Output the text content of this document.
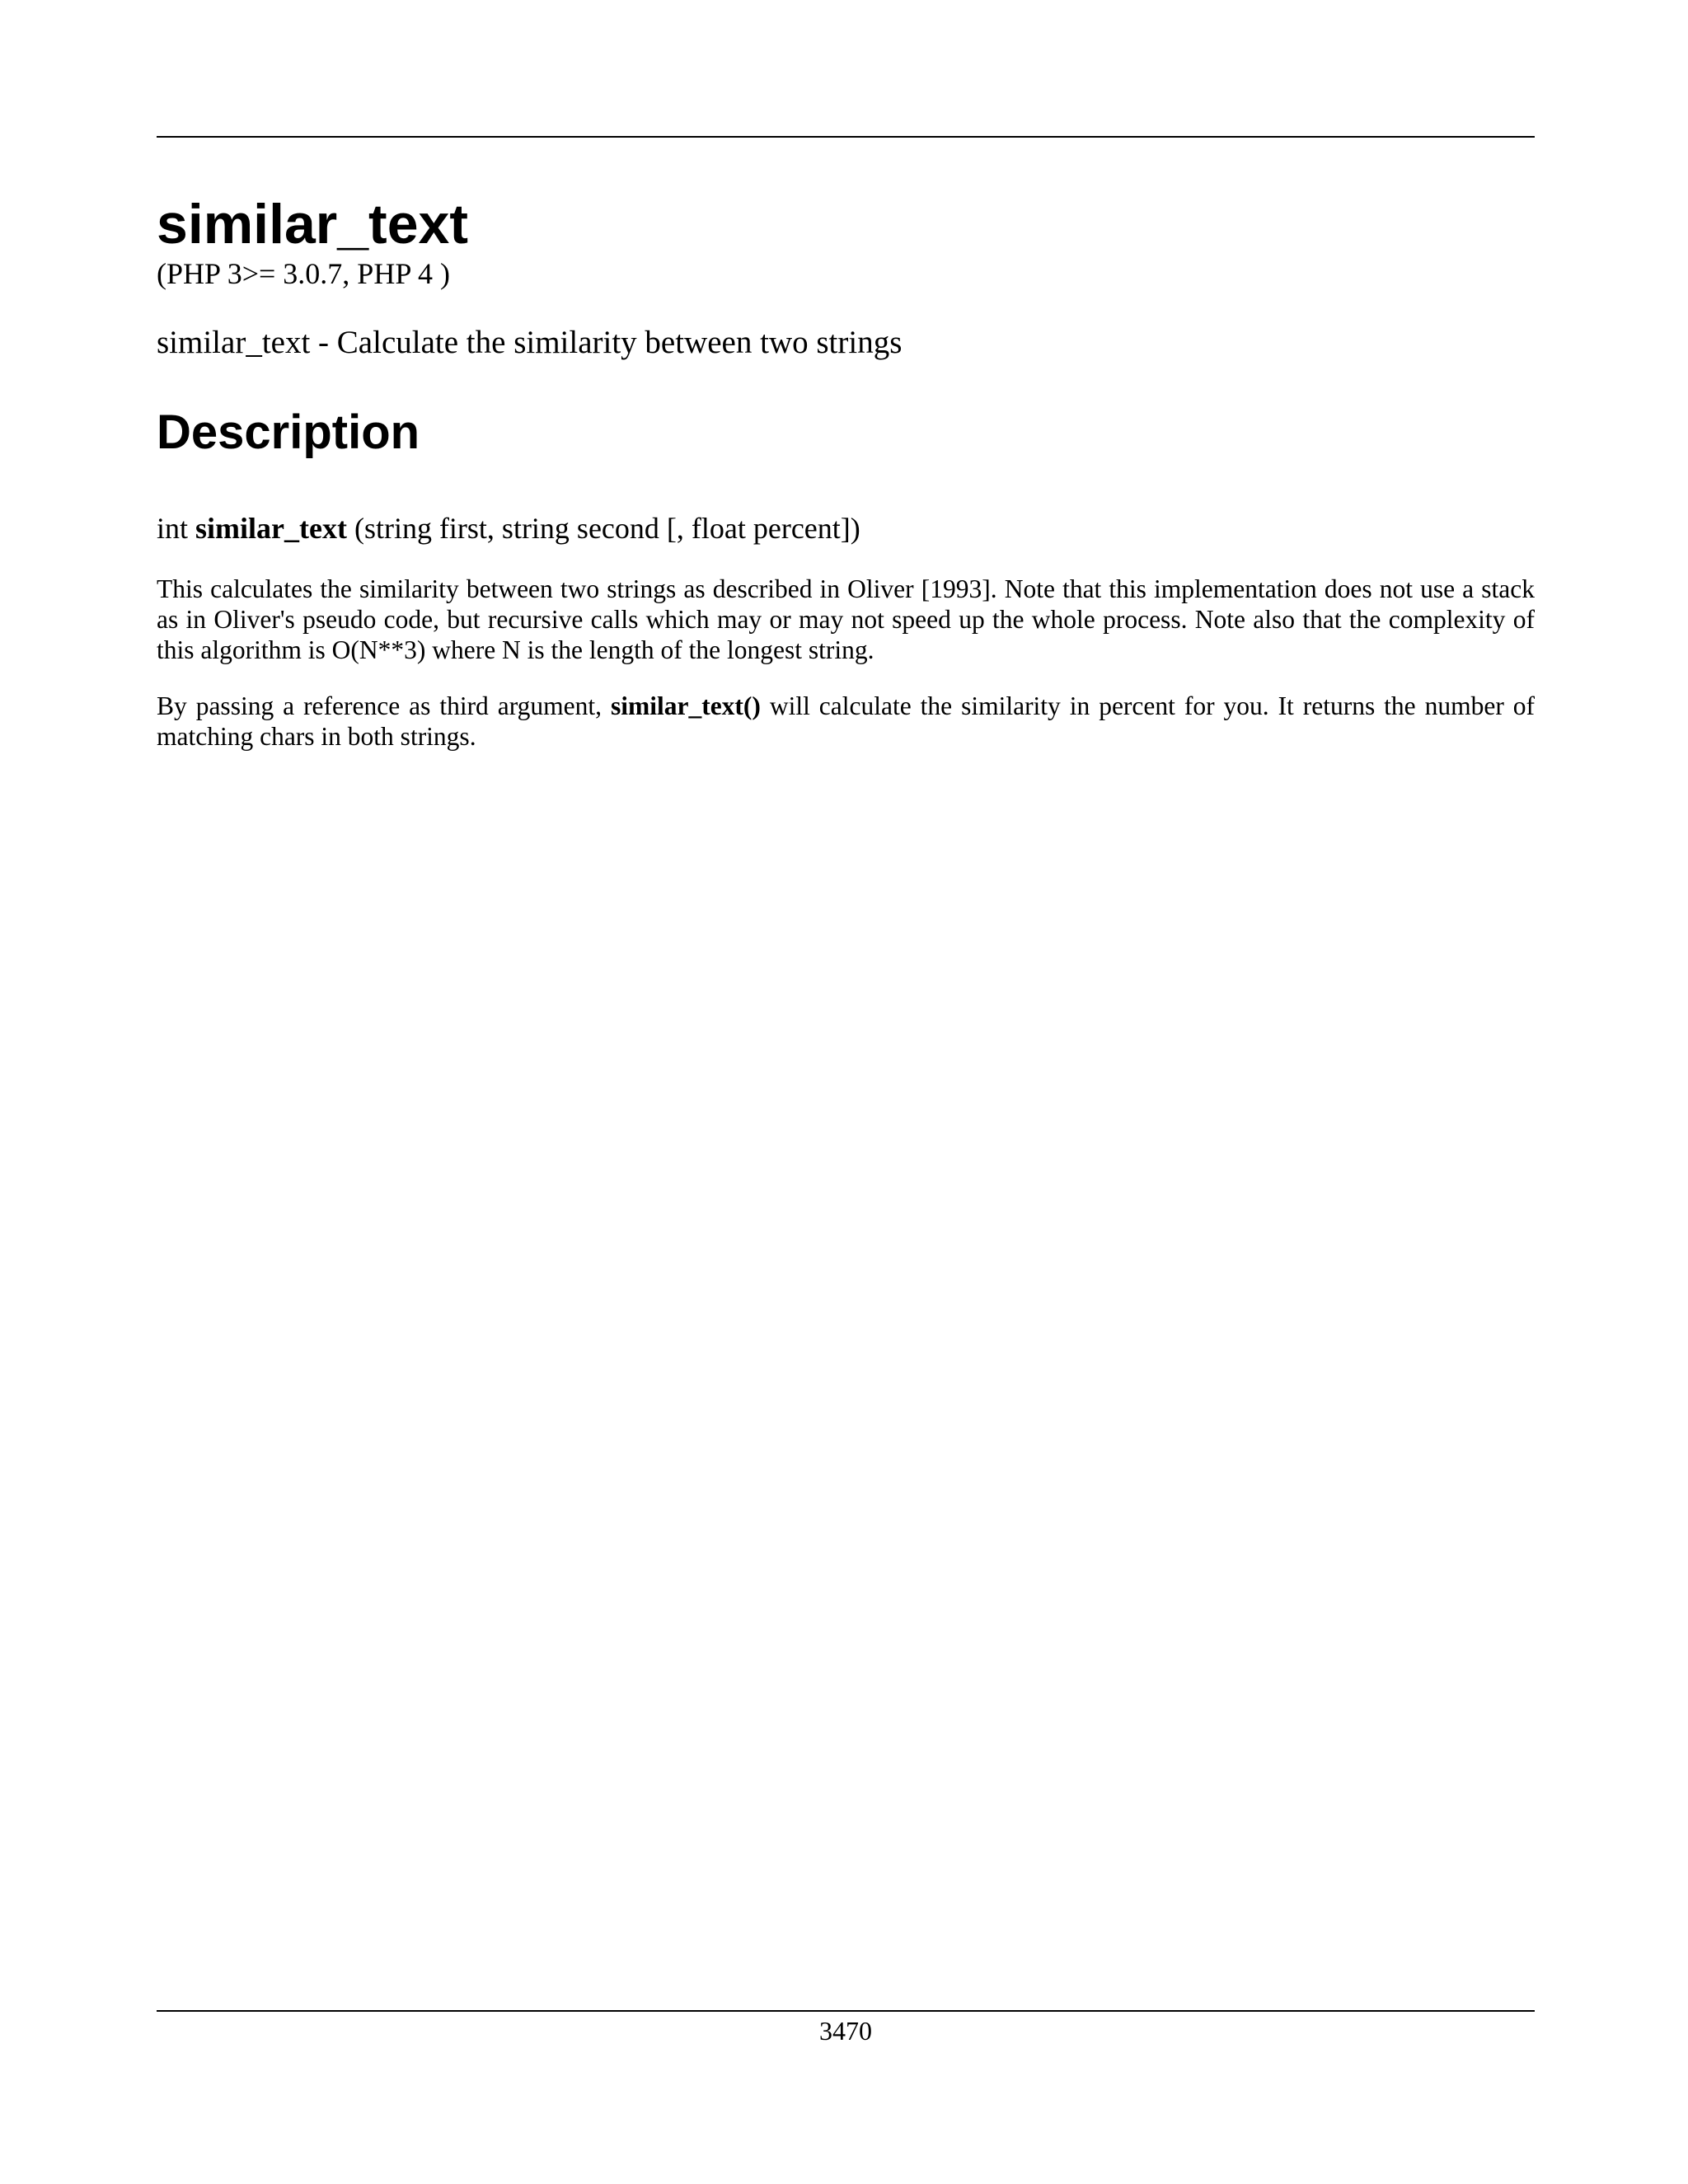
similar_text

(PHP 3>= 3.0.7, PHP 4 )

similar_text - Calculate the similarity between two strings

Description

int similar_text (string first, string second [, float percent])

This calculates the similarity between two strings as described in Oliver [1993]. Note that this implementation does not use a stack as in Oliver's pseudo code, but recursive calls which may or may not speed up the whole process. Note also that the complexity of this algorithm is O(N**3) where N is the length of the longest string.

By passing a reference as third argument, similar_text() will calculate the similarity in percent for you. It returns the number of matching chars in both strings.

3470
